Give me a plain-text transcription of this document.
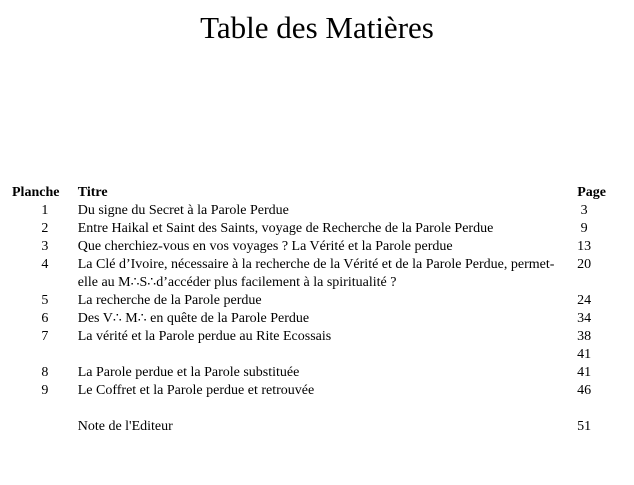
Table des Matières
Planche	Titre	Page
1	Du signe du Secret à la Parole Perdue	3
2	Entre Haikal et Saint des Saints, voyage de Recherche de la Parole Perdue	9
3	Que cherchiez-vous en vos voyages ? La Vérité et la Parole perdue	13
4	La Clé d’Ivoire, nécessaire à la recherche de la Vérité et de la Parole Perdue, permet-elle au M∴S∴d’accéder plus facilement à la spiritualité ?	20
5	La recherche de la Parole perdue	24
6	Des V∴ M∴ en quête de la Parole Perdue	34
7	La vérité et la Parole perdue au Rite Ecossais	38
		41
8	La Parole perdue et la Parole substituée	41
9	Le Coffret et la Parole perdue et retrouvée	46

	Note de l'Editeur	51
